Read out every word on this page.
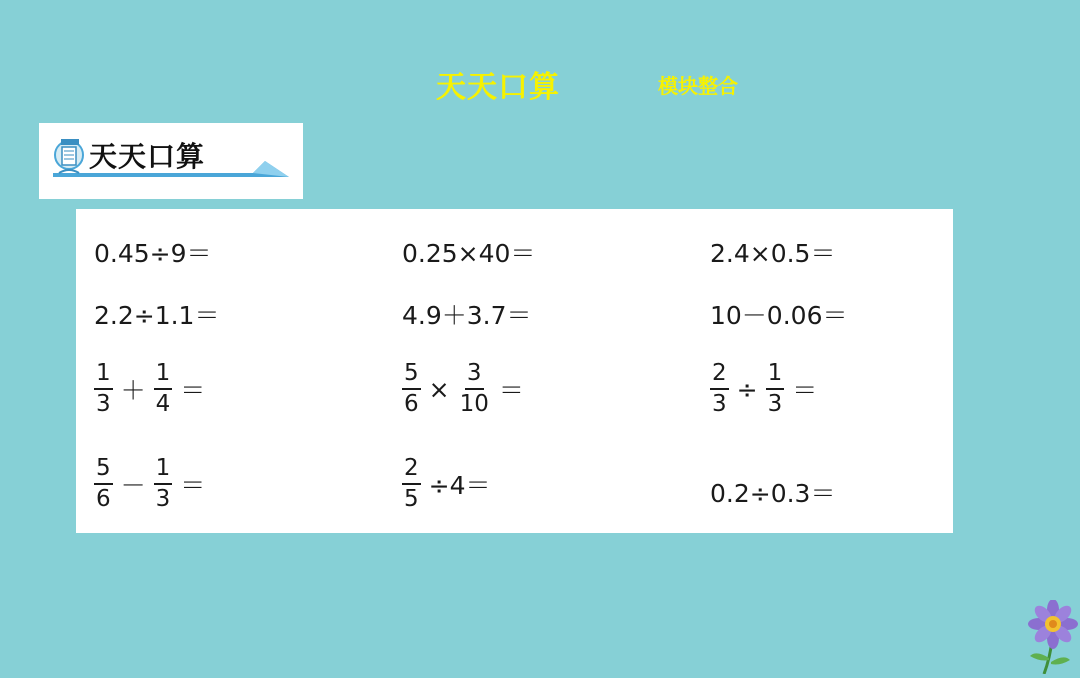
天天口算	模块整合
天天口算
0.45÷9＝	0.25×40＝	2.4×0.5＝
2.2÷1.1＝	4.9＋3.7＝	10－0.06＝
$\frac{1}{3} + \frac{1}{4}$ ＝	$\frac{5}{6} \times \frac{3}{10}$ ＝	$\frac{2}{3} \div \frac{1}{3}$ ＝
$\frac{5}{6} - \frac{1}{3}$ ＝	$\frac{2}{5} \div 4=$	0.2÷0.3＝
